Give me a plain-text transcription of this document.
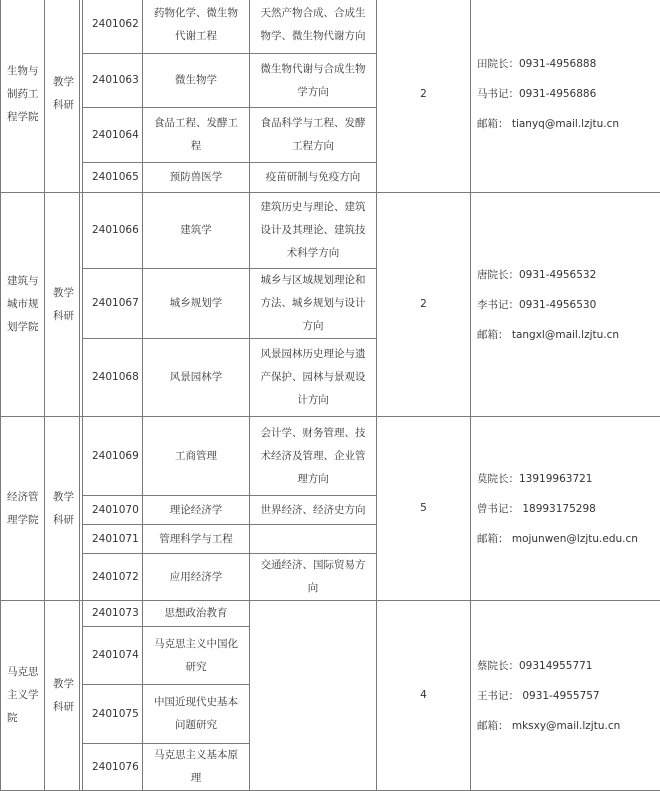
生物与制药工程学院	教学科研		2401062	药物化学、微生物代谢工程	天然产物合成、合成生物学、微生物代谢方向	2	田院长：0931-4956888
马书记：0931-4956886
邮箱： tianyq@mail.lzjtu.cn

			2401063	微生物学	微生物代谢与合成生物学方向		
			2401064	食品工程、发酵工程	食品科学与工程、发酵工程方向		
			2401065	预防兽医学	疫苗研制与免疫方向		
建筑与城市规划学院	教学科研		2401066	建筑学	建筑历史与理论、建筑设计及其理论、建筑技术科学方向	2	唐院长：0931-4956532
李书记：0931-4956530
邮箱： tangxl@mail.lzjtu.cn

			2401067	城乡规划学	城乡与区域规划理论和方法、城乡规划与设计方向		
			2401068	风景园林学	风景园林历史理论与遗产保护、园林与景观设计方向		
经济管理学院	教学科研		2401069	工商管理	会计学、财务管理、技术经济及管理、企业管理方向	5	莫院长：13919963721
曾书记： 18993175298
邮箱： mojunwen@lzjtu.edu.cn

			2401070	理论经济学	世界经济、经济史方向		
			2401071	管理科学与工程			
			2401072	应用经济学	交通经济、国际贸易方向		
马克思主义学院	教学科研		2401073	思想政治教育		4	蔡院长：09314955771
王书记： 0931-4955757
邮箱： mksxy@mail.lzjtu.cn

			2401074	马克思主义中国化研究			
			2401075	中国近现代史基本问题研究			
			2401076	马克思主义基本原理			
